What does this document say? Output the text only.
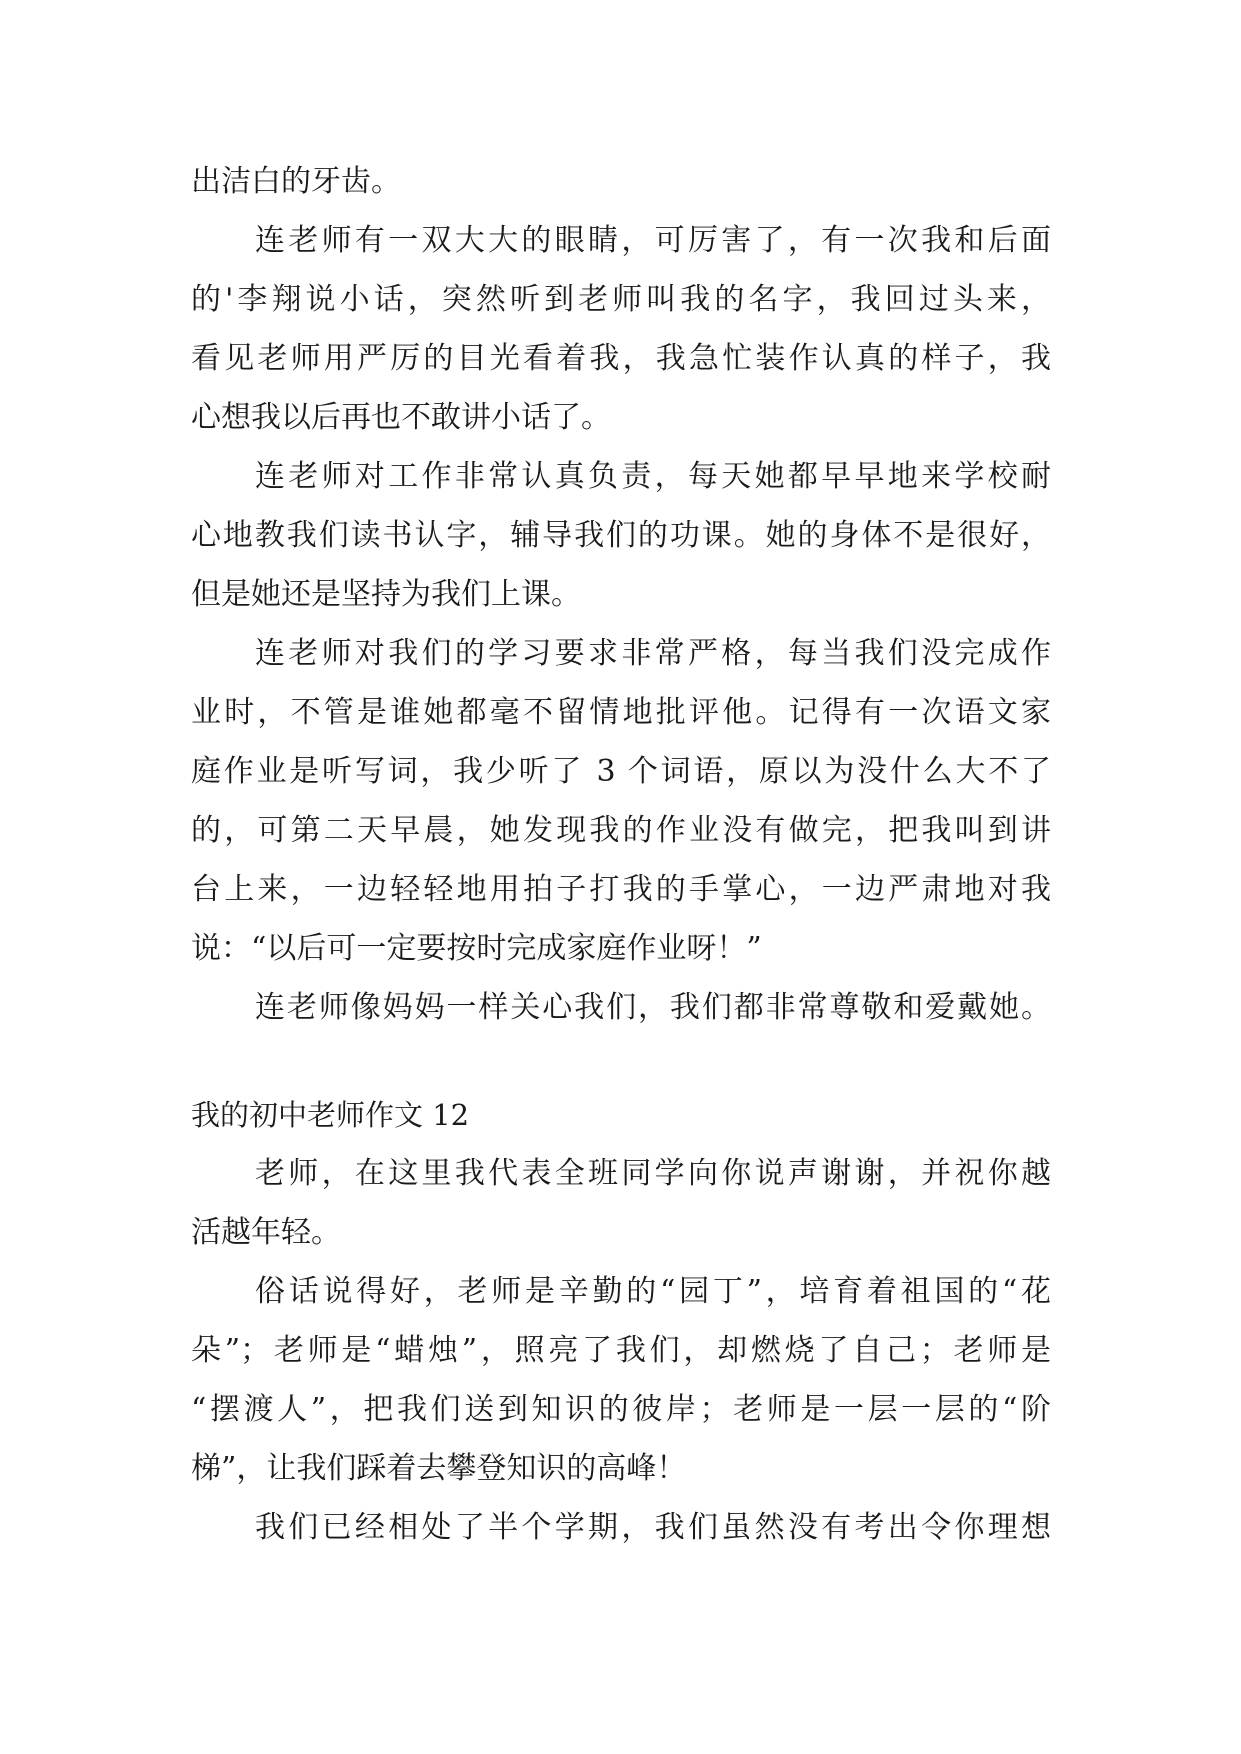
出洁白的牙齿。
连老师有一双大大的眼睛，可厉害了，有一次我和后面
的'李翔说小话，突然听到老师叫我的名字，我回过头来，
看见老师用严厉的目光看着我，我急忙装作认真的样子，我
心想我以后再也不敢讲小话了。
连老师对工作非常认真负责，每天她都早早地来学校耐
心地教我们读书认字，辅导我们的功课。她的身体不是很好，
但是她还是坚持为我们上课。
连老师对我们的学习要求非常严格，每当我们没完成作
业时，不管是谁她都毫不留情地批评他。记得有一次语文家
庭作业是听写词，我少听了 3 个词语，原以为没什么大不了
的，可第二天早晨，她发现我的作业没有做完，把我叫到讲
台上来，一边轻轻地用拍子打我的手掌心，一边严肃地对我
说：“以后可一定要按时完成家庭作业呀！”
连老师像妈妈一样关心我们，我们都非常尊敬和爱戴她。
我的初中老师作文 12
老师，在这里我代表全班同学向你说声谢谢，并祝你越
活越年轻。
俗话说得好，老师是辛勤的“园丁”，培育着祖国的“花
朵”；老师是“蜡烛”，照亮了我们，却燃烧了自己；老师是
“摆渡人”，把我们送到知识的彼岸；老师是一层一层的“阶
梯”，让我们踩着去攀登知识的高峰！
我们已经相处了半个学期，我们虽然没有考出令你理想
